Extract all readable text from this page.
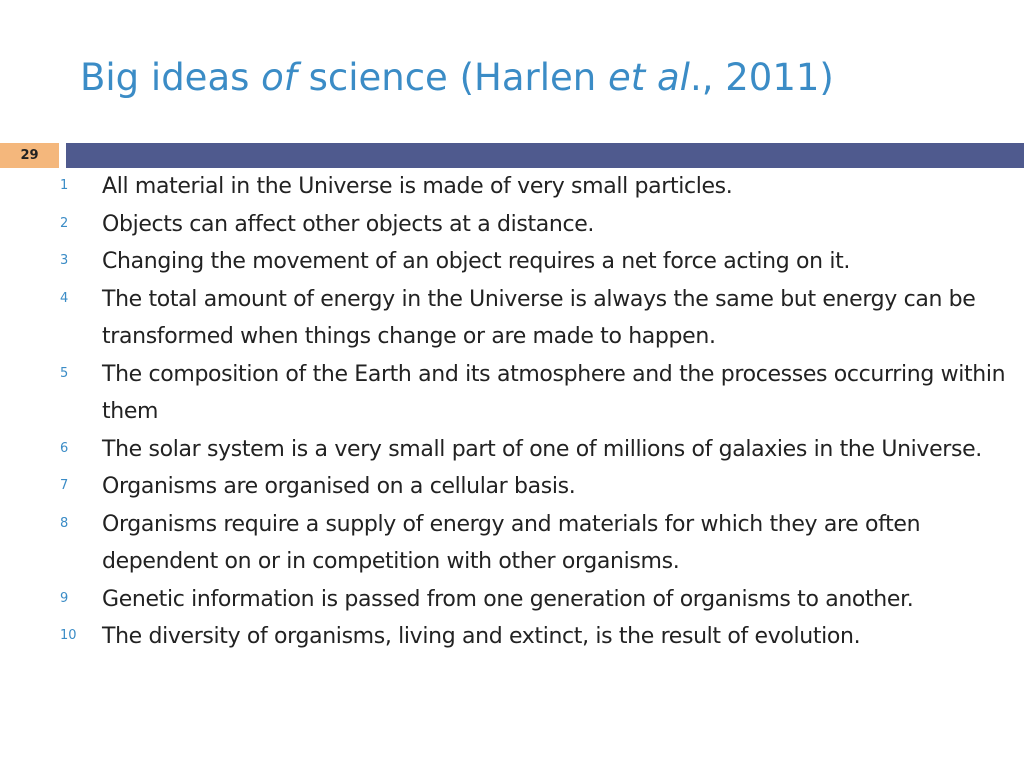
Big ideas of science (Harlen et al., 2011)
29
1	All material in the Universe is made of very small particles.
2	Objects can affect other objects at a distance.
3	Changing the movement of an object requires a net force acting on it.
4	The total amount of energy in the Universe is always the same but energy can be transformed when things change or are made to happen.
5	The composition of the Earth and its atmosphere and the processes occurring within them
6	The solar system is a very small part of one of millions of galaxies in the Universe.
7	Organisms are organised on a cellular basis.
8	Organisms require a supply of energy and materials for which they are often dependent on or in competition with other organisms.
9	Genetic information is passed from one generation of organisms to another.
10	The diversity of organisms, living and extinct, is the result of evolution.
